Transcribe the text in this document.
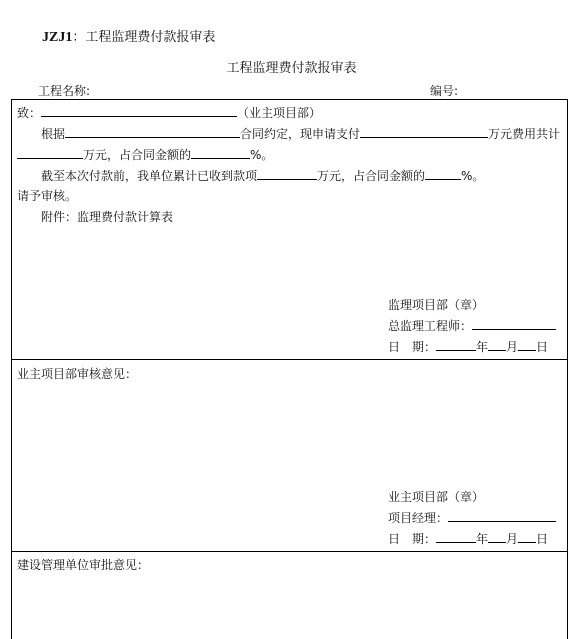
JZJ1：工程监理费付款报审表
工程监理费付款报审表
工程名称:	编号:
致：	（业主项目部）
根据	合同约定，现申请支付	万元费用共计
万元，占合同金额的	%。
截至本次付款前，我单位累计已收到款项	万元，占合同金额的	%。
请予审核。
附件：监理费付款计算表
监理项目部（章）
总监理工程师：
日　期：	年 月 日
业主项目部审核意见：
业主项目部（章）
项目经理：
日　期：	年 月 日
建设管理单位审批意见：
